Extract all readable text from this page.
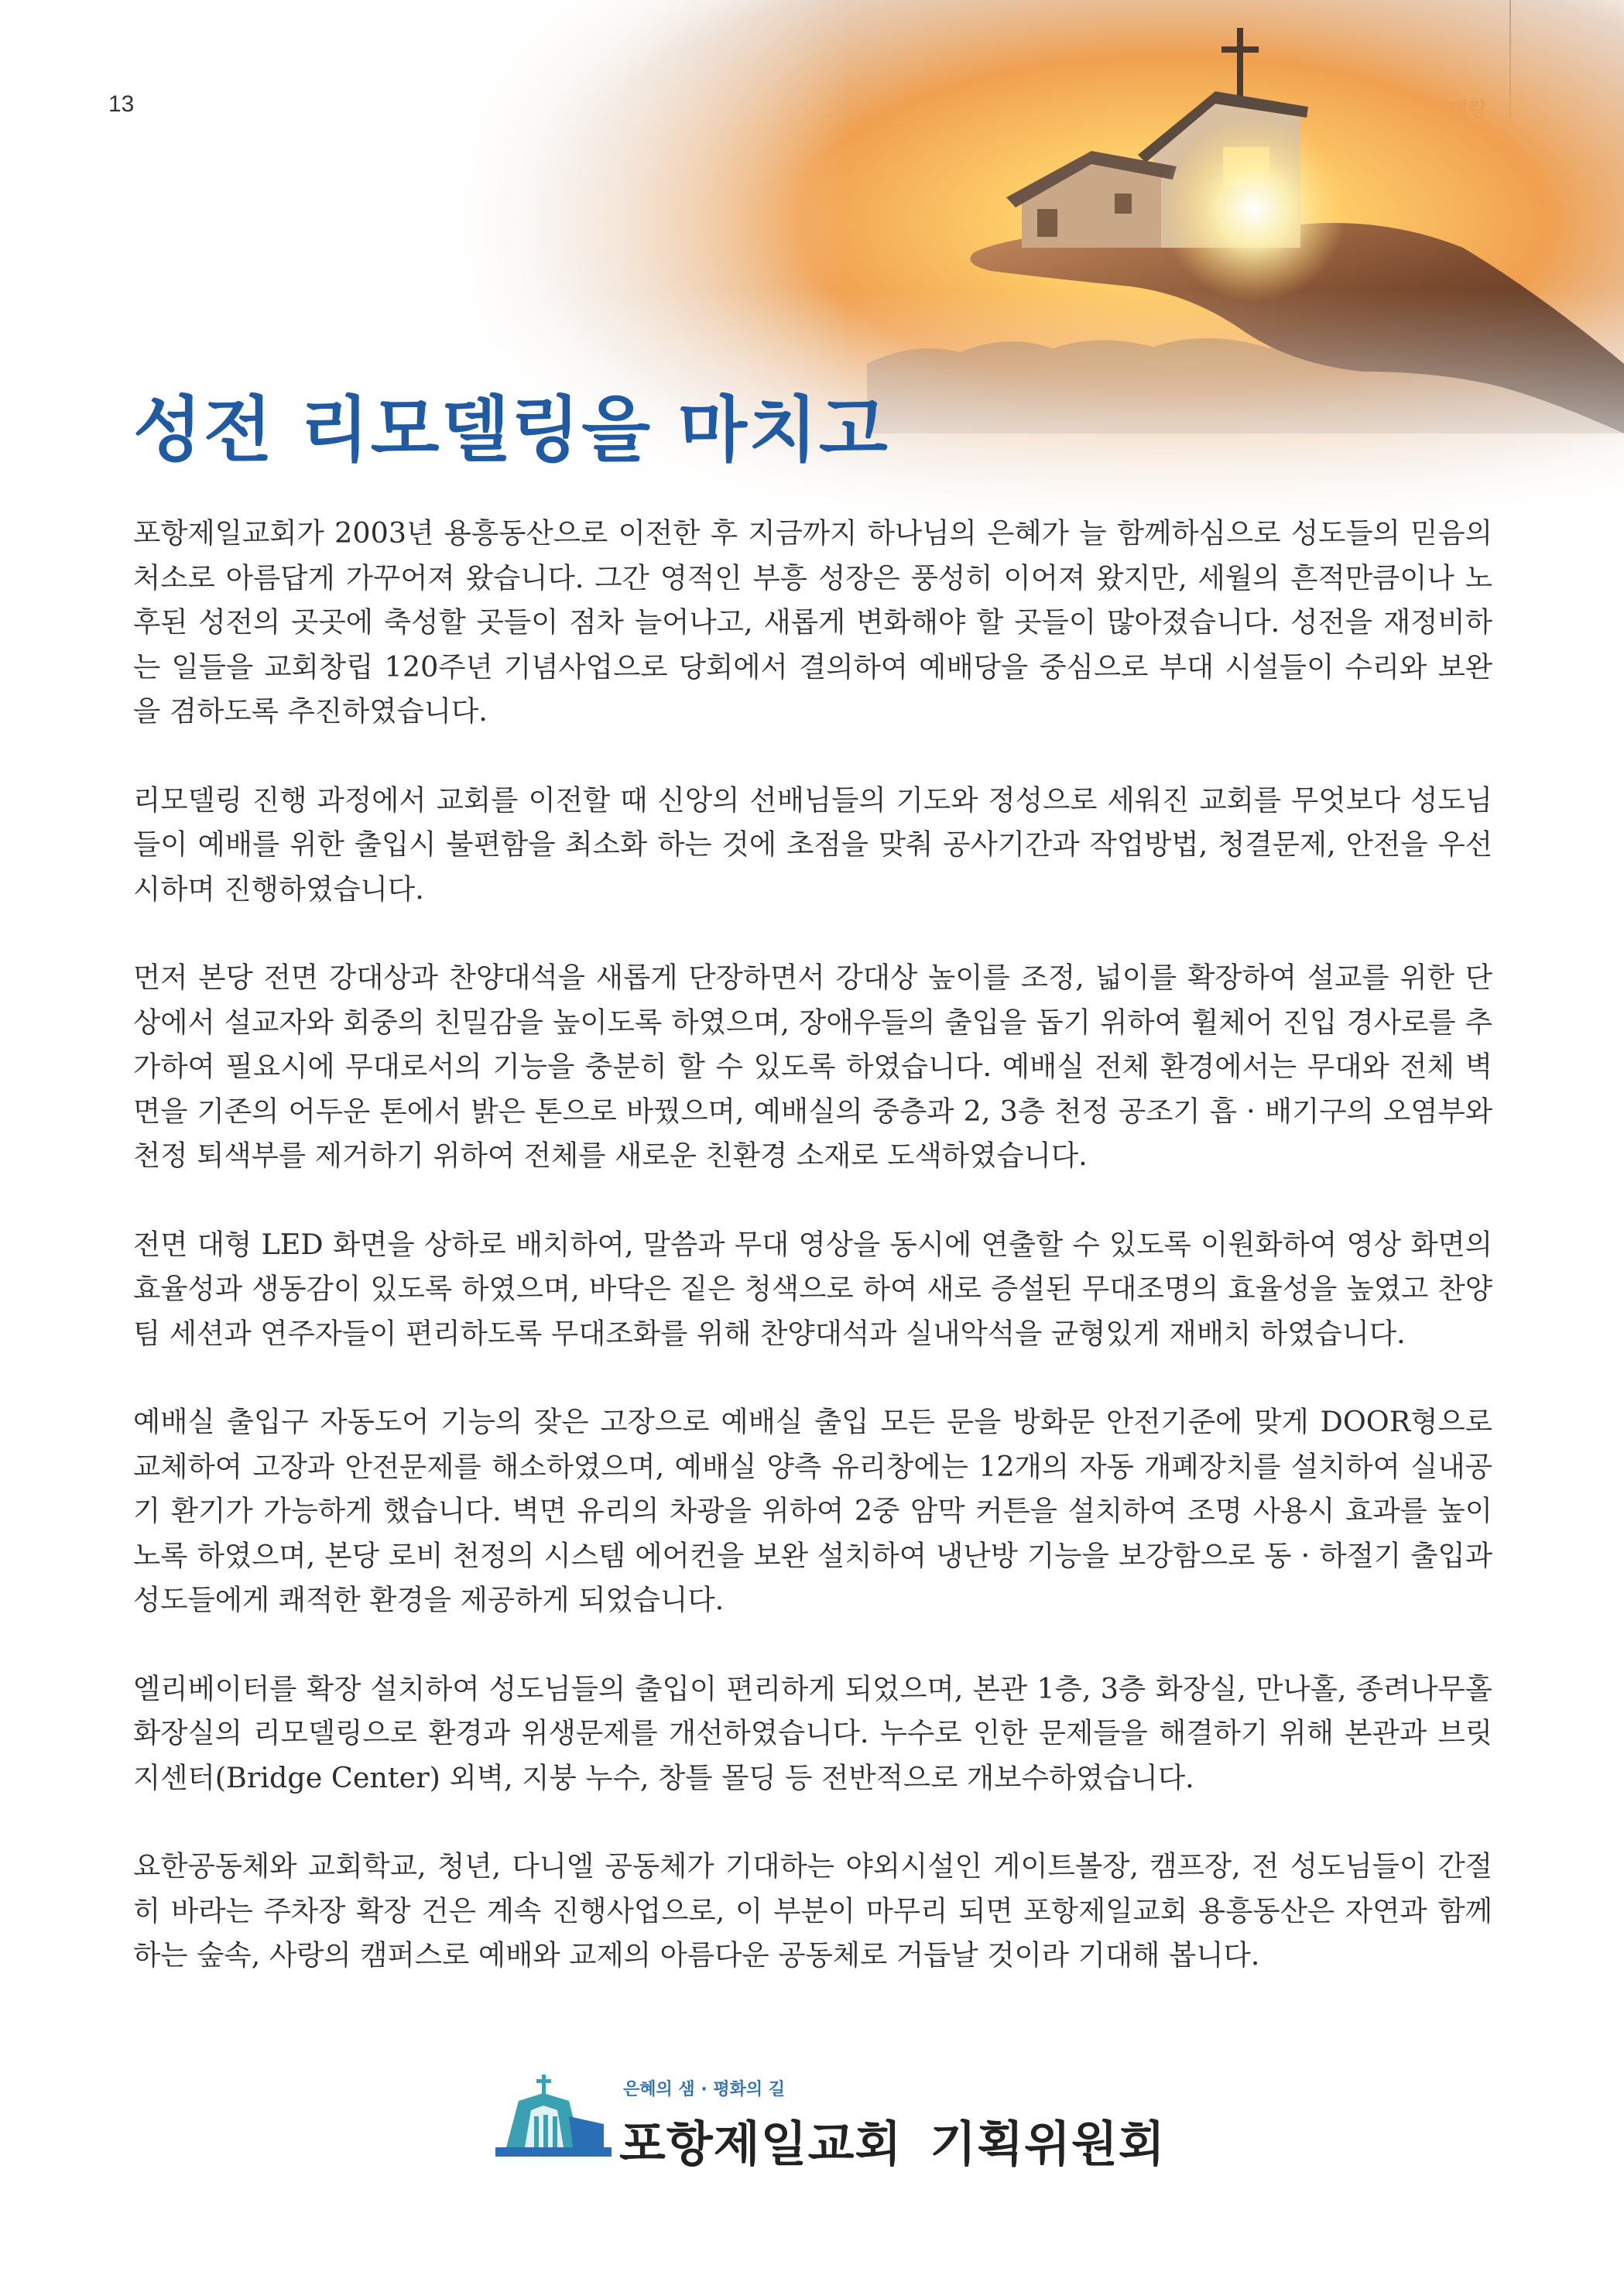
13
성전 리모델링을 마치고

포항제일교회가 2003년 용흥동산으로 이전한 후 지금까지 하나님의 은혜가 늘 함께하심으로 성도들의 믿음의 처소로 아름답게 가꾸어져 왔습니다. 그간 영적인 부흥 성장은 풍성히 이어져 왔지만, 세월의 흔적만큼이나 노후된 성전의 곳곳에 축성할 곳들이 점차 늘어나고, 새롭게 변화해야 할 곳들이 많아졌습니다. 성전을 재정비하는 일들을 교회창립 120주년 기념사업으로 당회에서 결의하여 예배당을 중심으로 부대 시설들이 수리와 보완을 겸하도록 추진하였습니다.

리모델링 진행 과정에서 교회를 이전할 때 신앙의 선배님들의 기도와 정성으로 세워진 교회를 무엇보다 성도님들이 예배를 위한 출입시 불편함을 최소화 하는 것에 초점을 맞춰 공사기간과 작업방법, 청결문제, 안전을 우선시하며 진행하였습니다.

먼저 본당 전면 강대상과 찬양대석을 새롭게 단장하면서 강대상 높이를 조정, 넓이를 확장하여 설교를 위한 단상에서 설교자와 회중의 친밀감을 높이도록 하였으며, 장애우들의 출입을 돕기 위하여 휠체어 진입 경사로를 추가하여 필요시에 무대로서의 기능을 충분히 할 수 있도록 하였습니다. 예배실 전체 환경에서는 무대와 전체 벽면을 기존의 어두운 톤에서 밝은 톤으로 바꿨으며, 예배실의 중층과 2, 3층 천정 공조기 흡 · 배기구의 오염부와 천정 퇴색부를 제거하기 위하여 전체를 새로운 친환경 소재로 도색하였습니다.

전면 대형 LED 화면을 상하로 배치하여, 말씀과 무대 영상을 동시에 연출할 수 있도록 이원화하여 영상 화면의 효율성과 생동감이 있도록 하였으며, 바닥은 짙은 청색으로 하여 새로 증설된 무대조명의 효율성을 높였고 찬양팀 세션과 연주자들이 편리하도록 무대조화를 위해 찬양대석과 실내악석을 균형있게 재배치 하였습니다.

예배실 출입구 자동도어 기능의 잦은 고장으로 예배실 출입 모든 문을 방화문 안전기준에 맞게 DOOR형으로 교체하여 고장과 안전문제를 해소하였으며, 예배실 양측 유리창에는 12개의 자동 개폐장치를 설치하여 실내공기 환기가 가능하게 했습니다. 벽면 유리의 차광을 위하여 2중 암막 커튼을 설치하여 조명 사용시 효과를 높이노록 하였으며, 본당 로비 천정의 시스템 에어컨을 보완 설치하여 냉난방 기능을 보강함으로 동 · 하절기 출입과 성도들에게 쾌적한 환경을 제공하게 되었습니다.

엘리베이터를 확장 설치하여 성도님들의 출입이 편리하게 되었으며, 본관 1층, 3층 화장실, 만나홀, 종려나무홀 화장실의 리모델링으로 환경과 위생문제를 개선하였습니다. 누수로 인한 문제들을 해결하기 위해 본관과 브릿지센터(Bridge Center) 외벽, 지붕 누수, 창틀 몰딩 등 전반적으로 개보수하였습니다.

요한공동체와 교회학교, 청년, 다니엘 공동체가 기대하는 야외시설인 게이트볼장, 캠프장, 전 성도님들이 간절히 바라는 주차장 확장 건은 계속 진행사업으로, 이 부분이 마무리 되면 포항제일교회 용흥동산은 자연과 함께하는 숲속, 사랑의 캠퍼스로 예배와 교제의 아름다운 공동체로 거듭날 것이라 기대해 봅니다.

은혜의 샘 · 평화의 길
포항제일교회 기획위원회
